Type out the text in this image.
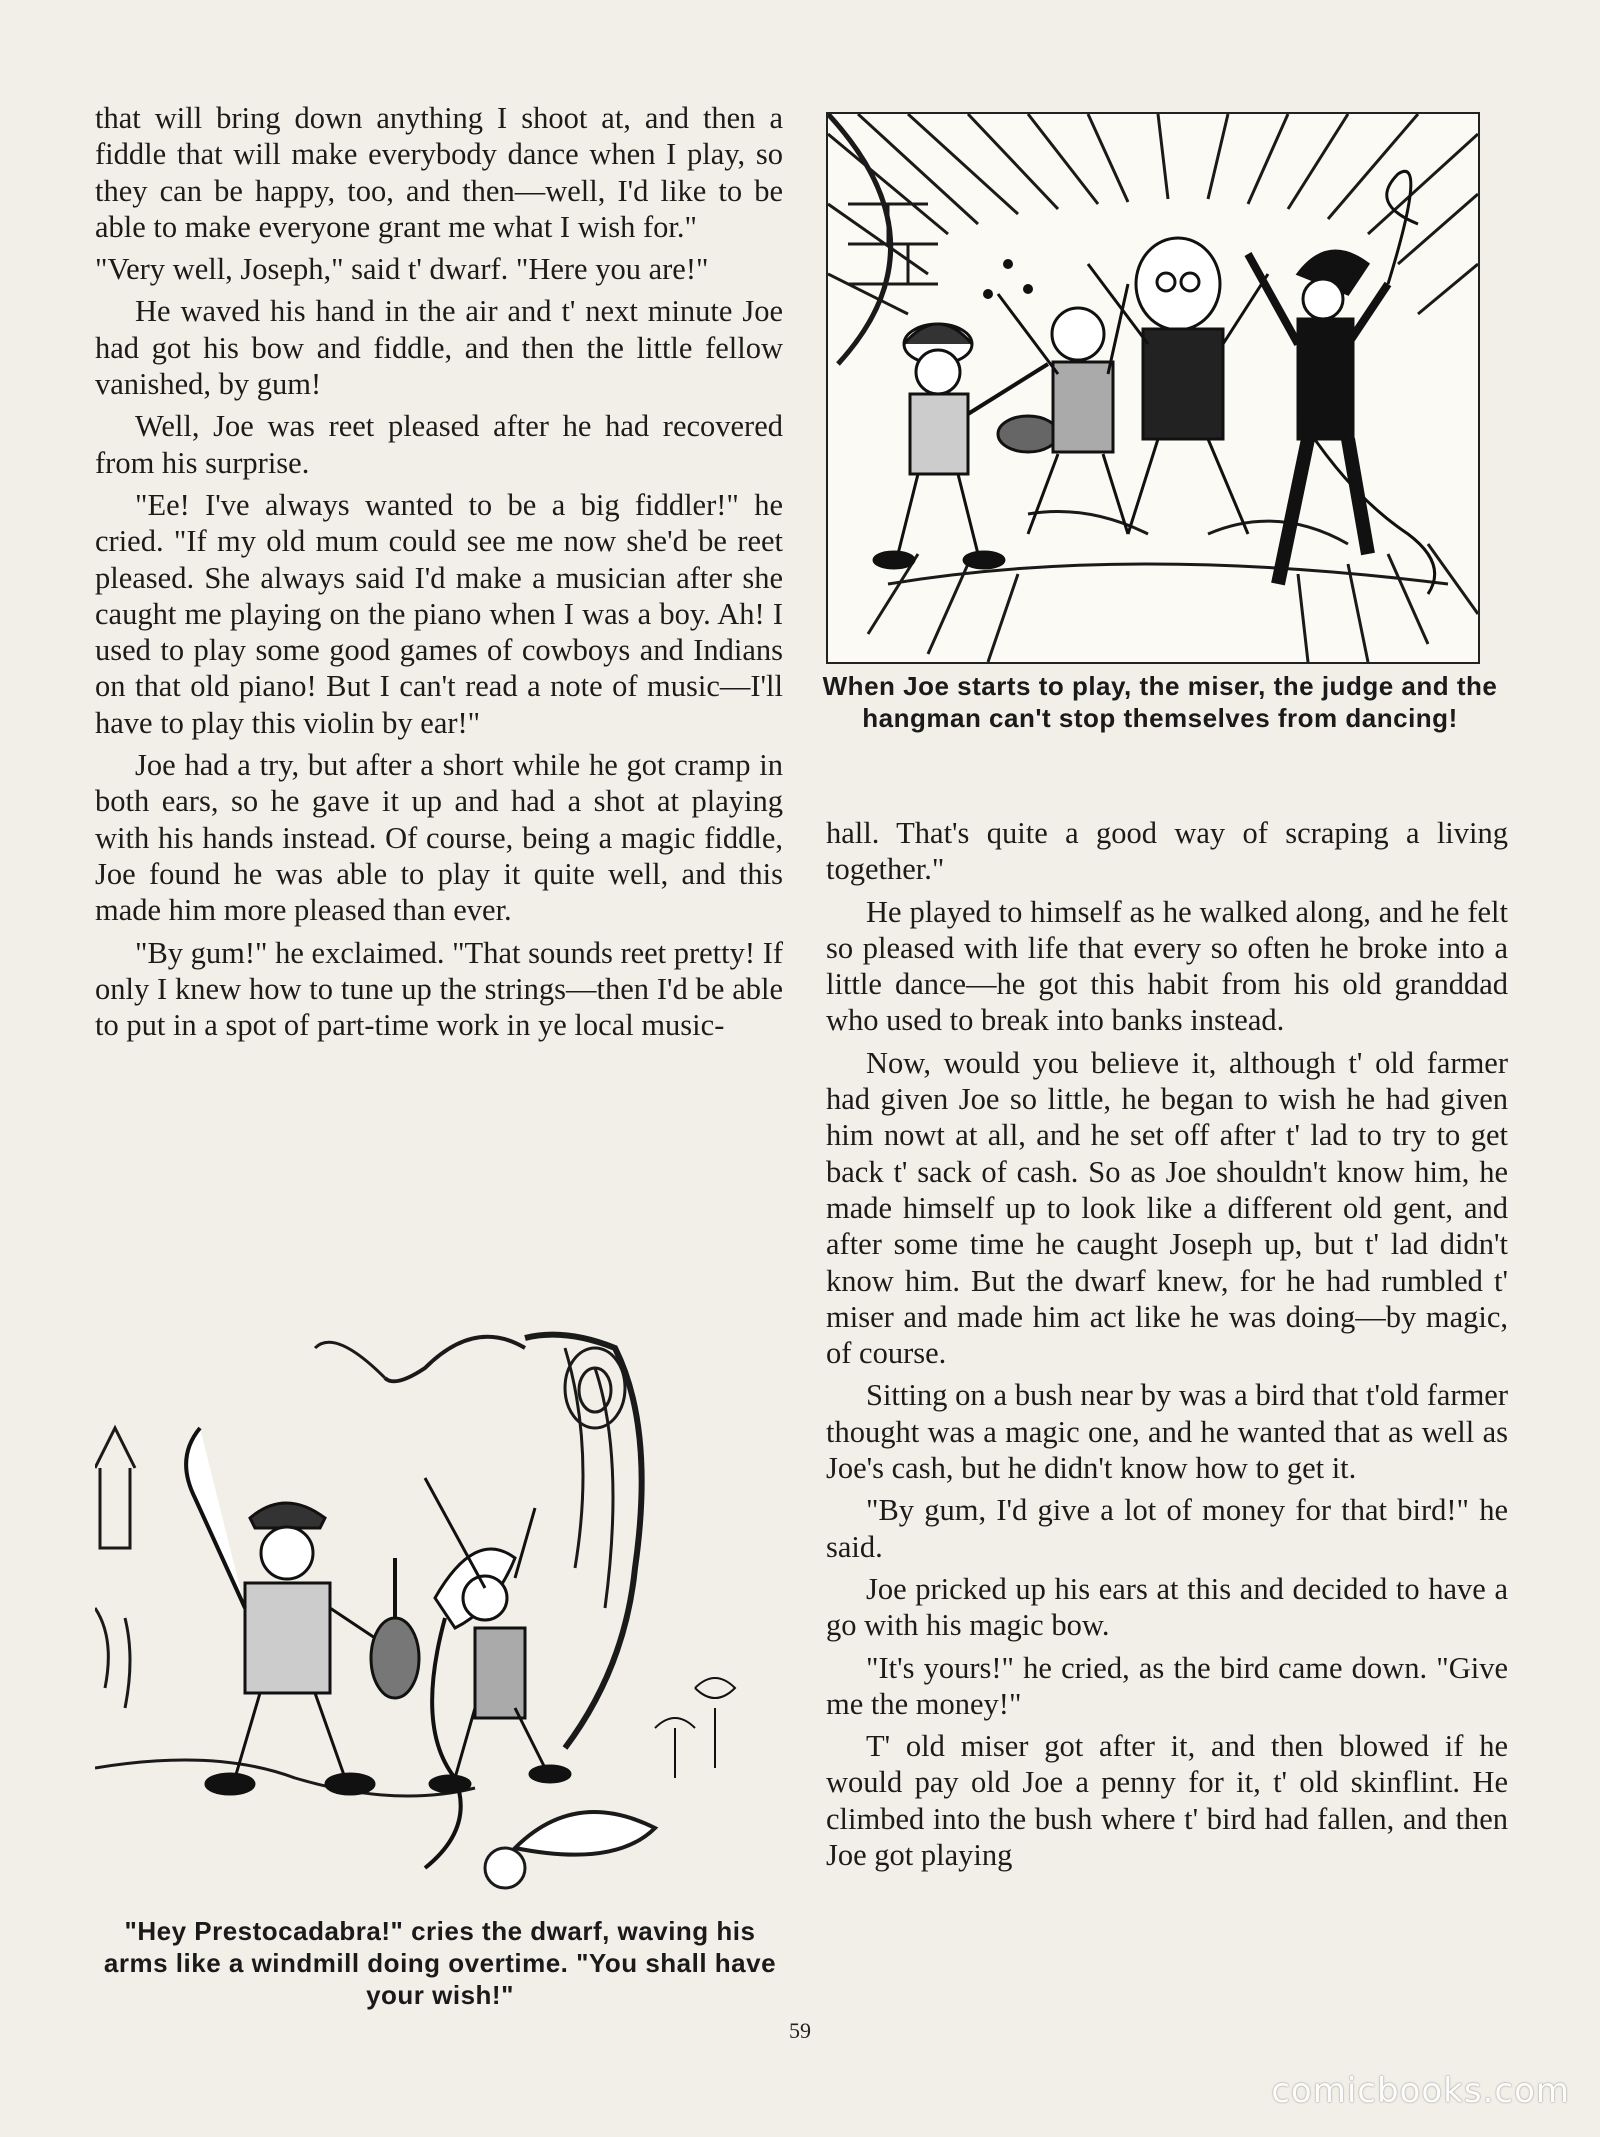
that will bring down anything I shoot at, and then a fiddle that will make everybody dance when I play, so they can be happy, too, and then—well, I'd like to be able to make everyone grant me what I wish for."

"Very well, Joseph," said t' dwarf. "Here you are!"

He waved his hand in the air and t' next minute Joe had got his bow and fiddle, and then the little fellow vanished, by gum!

Well, Joe was reet pleased after he had recovered from his surprise.

"Ee! I've always wanted to be a big fiddler!" he cried. "If my old mum could see me now she'd be reet pleased. She always said I'd make a musician after she caught me playing on the piano when I was a boy. Ah! I used to play some good games of cowboys and Indians on that old piano! But I can't read a note of music—I'll have to play this violin by ear!"

Joe had a try, but after a short while he got cramp in both ears, so he gave it up and had a shot at playing with his hands instead. Of course, being a magic fiddle, Joe found he was able to play it quite well, and this made him more pleased than ever.

"By gum!" he exclaimed. "That sounds reet pretty! If only I knew how to tune up the strings—then I'd be able to put in a spot of part-time work in ye local music-

When Joe starts to play, the miser, the judge and the hangman can't stop themselves from dancing!

hall. That's quite a good way of scraping a living together."

He played to himself as he walked along, and he felt so pleased with life that every so often he broke into a little dance—he got this habit from his old granddad who used to break into banks instead.

Now, would you believe it, although t' old farmer had given Joe so little, he began to wish he had given him nowt at all, and he set off after t' lad to try to get back t' sack of cash. So as Joe shouldn't know him, he made himself up to look like a different old gent, and after some time he caught Joseph up, but t' lad didn't know him. But the dwarf knew, for he had rumbled t' miser and made him act like he was doing—by magic, of course.

Sitting on a bush near by was a bird that t'old farmer thought was a magic one, and he wanted that as well as Joe's cash, but he didn't know how to get it.

"By gum, I'd give a lot of money for that bird!" he said.

Joe pricked up his ears at this and decided to have a go with his magic bow.

"It's yours!" he cried, as the bird came down. "Give me the money!"

T' old miser got after it, and then blowed if he would pay old Joe a penny for it, t' old skinflint. He climbed into the bush where t' bird had fallen, and then Joe got playing

"Hey Prestocadabra!" cries the dwarf, waving his arms like a windmill doing overtime. "You shall have your wish!"

59
comicbooks.com
